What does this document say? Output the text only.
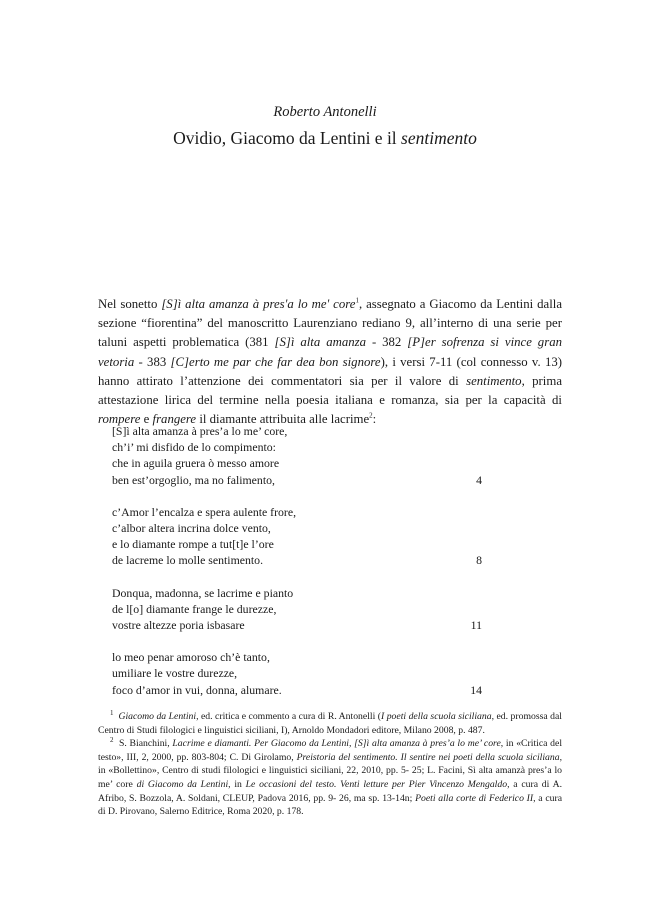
Roberto Antonelli
Ovidio, Giacomo da Lentini e il sentimento

Nel sonetto [S]ì alta amanza à pres'a lo me' core$^1$, assegnato a Giacomo da Lentini dalla sezione “fiorentina” del manoscritto Laurenziano rediano 9, all’interno di una serie per taluni aspetti problematica (381 [S]ì alta amanza - 382 [P]er sofrenza si vince gran vetoria - 383 [C]erto me par che far dea bon signore), i versi 7-11 (col connesso v. 13) hanno attirato l’attenzione dei commentatori sia per il valore di sentimento, prima attestazione lirica del termine nella poesia italiana e romanza, sia per la capacità di rompere e frangere il diamante attribuita alle lacrime$^2$:

[S]ì alta amanza à pres’a lo me’ core,
ch’i’ mi disfido de lo compimento:
che in aguila gruera ò messo amore
ben est’orgoglio, ma no falimento,	4
c’Amor l’encalza e spera aulente frore,
c’albor altera incrina dolce vento,
e lo diamante rompe a tut[t]e l’ore
de lacreme lo molle sentimento.	8
Donqua, madonna, se lacrime e pianto
de l[o] diamante frange le durezze,
vostre altezze poria isbasare	11
lo meo penar amoroso ch’è tanto,
umiliare le vostre durezze,
foco d’amor in vui, donna, alumare.	14

$^1$ Giacomo da Lentini, ed. critica e commento a cura di R. Antonelli (I poeti della scuola siciliana, ed. promossa dal Centro di Studi filologici e linguistici siciliani, I), Arnoldo Mondadori editore, Milano 2008, p. 487.

$^2$ S. Bianchini, Lacrime e diamanti. Per Giacomo da Lentini, [S]ì alta amanza à pres’a lo me’ core, in «Critica del testo», III, 2, 2000, pp. 803-804; C. Di Girolamo, Preistoria del sentimento. Il sentire nei poeti della scuola siciliana, in «Bollettino», Centro di studi filologici e linguistici siciliani, 22, 2010, pp. 5- 25; L. Facini, Sì alta amanzà pres’a lo me’ core di Giacomo da Lentini, in Le occasioni del testo. Venti letture per Pier Vincenzo Mengaldo, a cura di A. Afribo, S. Bozzola, A. Soldani, CLEUP, Padova 2016, pp. 9- 26, ma sp. 13-14n; Poeti alla corte di Federico II, a cura di D. Pirovano, Salerno Editrice, Roma 2020, p. 178.
